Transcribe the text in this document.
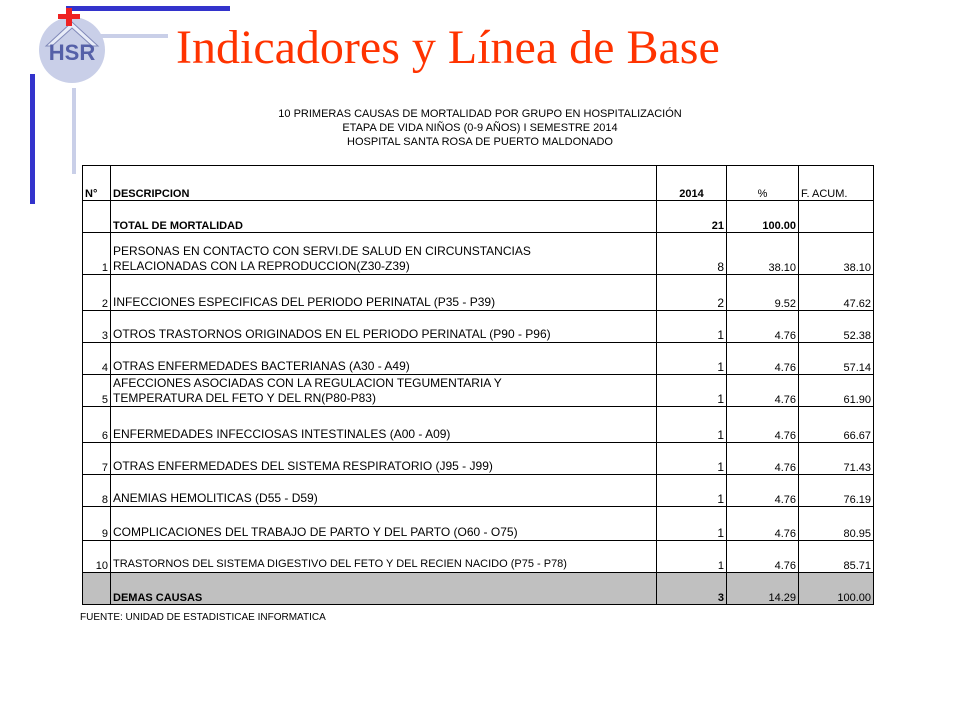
HSR Indicadores y Línea de Base
10 PRIMERAS CAUSAS DE MORTALIDAD POR GRUPO EN HOSPITALIZACIÓN
ETAPA DE VIDA NIÑOS (0-9 AÑOS) I SEMESTRE 2014
HOSPITAL SANTA ROSA DE PUERTO MALDONADO
N°	DESCRIPCION	2014	%	F. ACUM.
	TOTAL DE MORTALIDAD	21	100.00	
1	PERSONAS EN CONTACTO CON SERVI.DE SALUD EN CIRCUNSTANCIAS
RELACIONADAS CON LA REPRODUCCION(Z30-Z39)	8	38.10	38.10
2	INFECCIONES ESPECIFICAS DEL PERIODO PERINATAL (P35 - P39)	2	9.52	47.62
3	OTROS TRASTORNOS ORIGINADOS EN EL PERIODO PERINATAL (P90 - P96)	1	4.76	52.38
4	OTRAS ENFERMEDADES BACTERIANAS (A30 - A49)	1	4.76	57.14
5	AFECCIONES ASOCIADAS CON LA REGULACION TEGUMENTARIA Y
TEMPERATURA DEL FETO Y DEL RN(P80-P83)	1	4.76	61.90
6	ENFERMEDADES INFECCIOSAS INTESTINALES (A00 - A09)	1	4.76	66.67
7	OTRAS ENFERMEDADES DEL SISTEMA RESPIRATORIO (J95 - J99)	1	4.76	71.43
8	ANEMIAS HEMOLITICAS (D55 - D59)	1	4.76	76.19
9	COMPLICACIONES DEL TRABAJO DE PARTO Y DEL PARTO (O60 - O75)	1	4.76	80.95
10	TRASTORNOS DEL SISTEMA DIGESTIVO DEL FETO Y DEL RECIEN NACIDO (P75 - P78)	1	4.76	85.71
	DEMAS CAUSAS	3	14.29	100.00
FUENTE: UNIDAD DE ESTADISTICAE INFORMATICA
